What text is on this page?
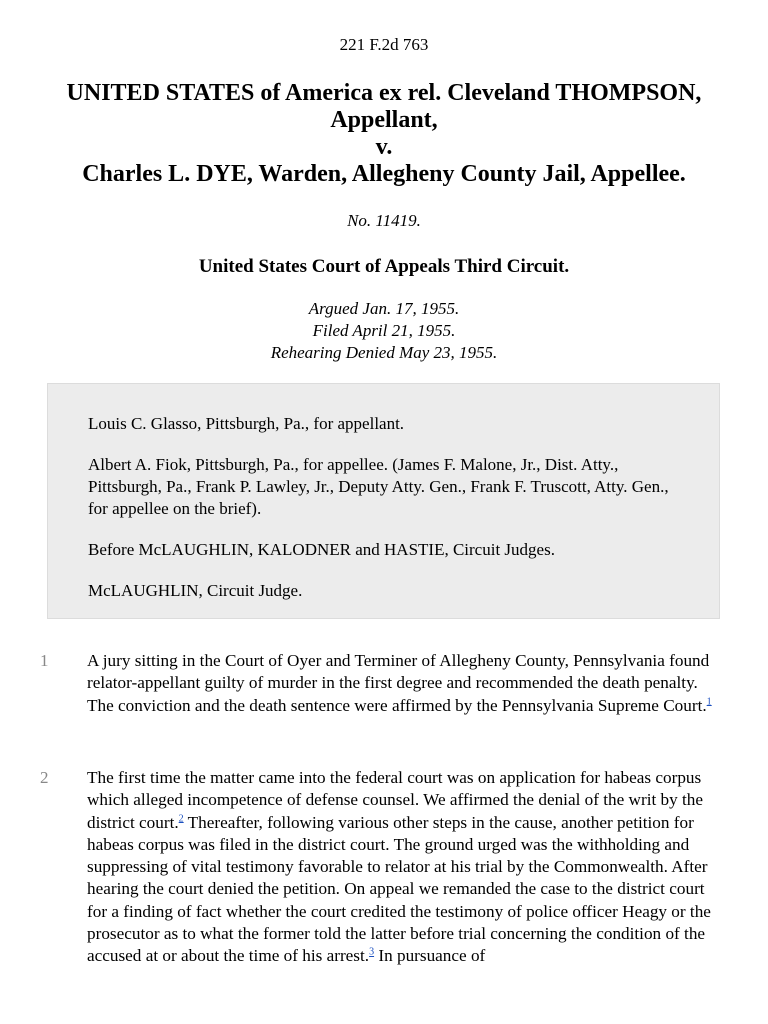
221 F.2d 763
UNITED STATES of America ex rel. Cleveland THOMPSON,
Appellant,
v.
Charles L. DYE, Warden, Allegheny County Jail, Appellee.
No. 11419.
United States Court of Appeals Third Circuit.
Argued Jan. 17, 1955.
Filed April 21, 1955.
Rehearing Denied May 23, 1955.

Louis C. Glasso, Pittsburgh, Pa., for appellant.

Albert A. Fiok, Pittsburgh, Pa., for appellee. (James F. Malone, Jr., Dist. Atty., Pittsburgh, Pa., Frank P. Lawley, Jr., Deputy Atty. Gen., Frank F. Truscott, Atty. Gen., for appellee on the brief).

Before McLAUGHLIN, KALODNER and HASTIE, Circuit Judges.

McLAUGHLIN, Circuit Judge.

1	A jury sitting in the Court of Oyer and Terminer of Allegheny County, Pennsylvania found relator-appellant guilty of murder in the first degree and recommended the death penalty. The conviction and the death sentence were affirmed by the Pennsylvania Supreme Court.$^1$

2	The first time the matter came into the federal court was on application for habeas corpus which alleged incompetence of defense counsel. We affirmed the denial of the writ by the district court.$^2$ Thereafter, following various other steps in the cause, another petition for habeas corpus was filed in the district court. The ground urged was the withholding and suppressing of vital testimony favorable to relator at his trial by the Commonwealth. After hearing the court denied the petition. On appeal we remanded the case to the district court for a finding of fact whether the court credited the testimony of police officer Heagy or the prosecutor as to what the former told the latter before trial concerning the condition of the accused at or about the time of his arrest.$^3$ In pursuance of
